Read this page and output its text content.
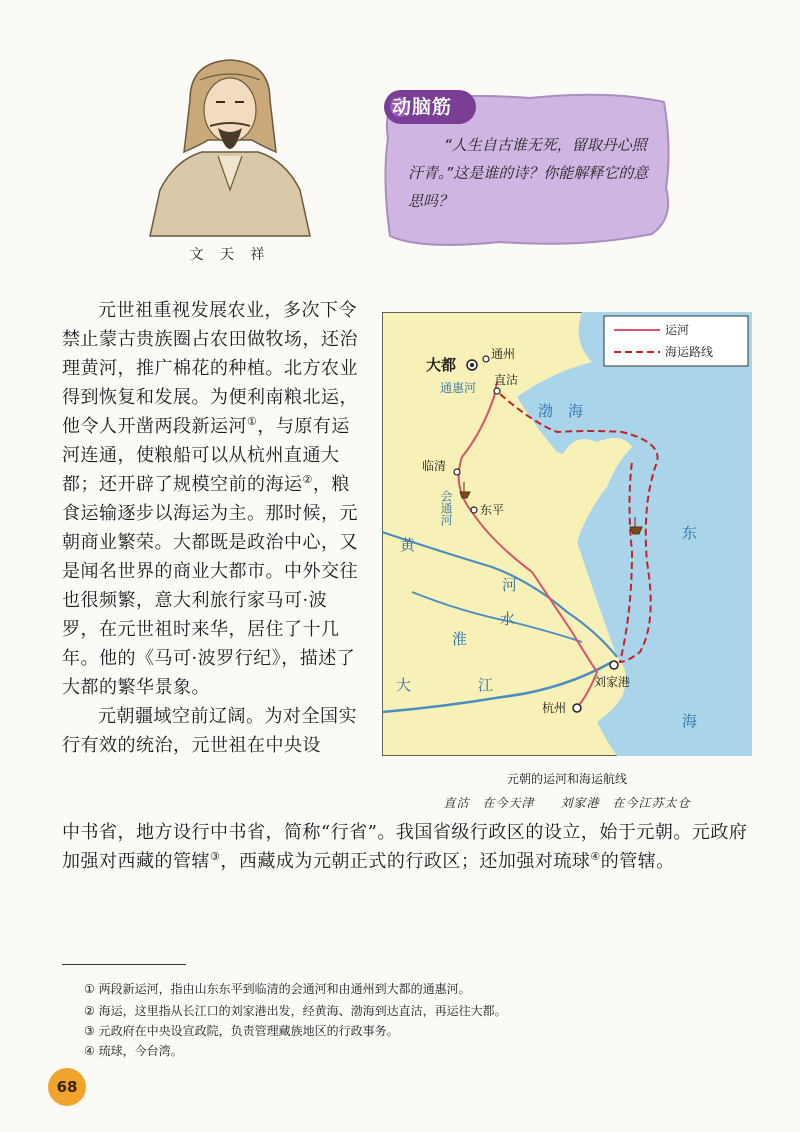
文 天 祥
动脑筋
“人生自古谁无死，留取丹心照汗青。”这是谁的诗？你能解释它的意思吗？

元世祖重视发展农业，多次下令禁止蒙古贵族圈占农田做牧场，还治理黄河，推广棉花的种植。北方农业得到恢复和发展。为便利南粮北运，他令人开凿两段新运河①，与原有运河连通，使粮船可以从杭州直通大都；还开辟了规模空前的海运②，粮食运输逐步以海运为主。那时候，元朝商业繁荣。大都既是政治中心，又是闻名世界的商业大都市。中外交往也很频繁，意大利旅行家马可·波罗，在元世祖时来华，居住了十几年。他的《马可·波罗行纪》，描述了大都的繁华景象。

元朝疆域空前辽阔。为对全国实行有效的统治，元世祖在中央设

中书省，地方设行中书省，简称“行省”。我国省级行政区的设立，始于元朝。元政府加强对西藏的管辖③，西藏成为元朝正式的行政区；还加强对琉球④的管辖。
运河
海运路线
大都
通州
通惠河
直沽
渤 海
临清
会通河 东平
黄
河
淮
水
东
海
大	江	刘家港
杭州
元朝的运河和海运航线
直沽　在今天津　　刘家港　在今江苏太仓
① 两段新运河，指由山东东平到临清的会通河和由通州到大都的通惠河。
② 海运，这里指从长江口的刘家港出发，经黄海、渤海到达直沽，再运往大都。
③ 元政府在中央设宣政院，负责管理藏族地区的行政事务。
④ 琉球，今台湾。
68
